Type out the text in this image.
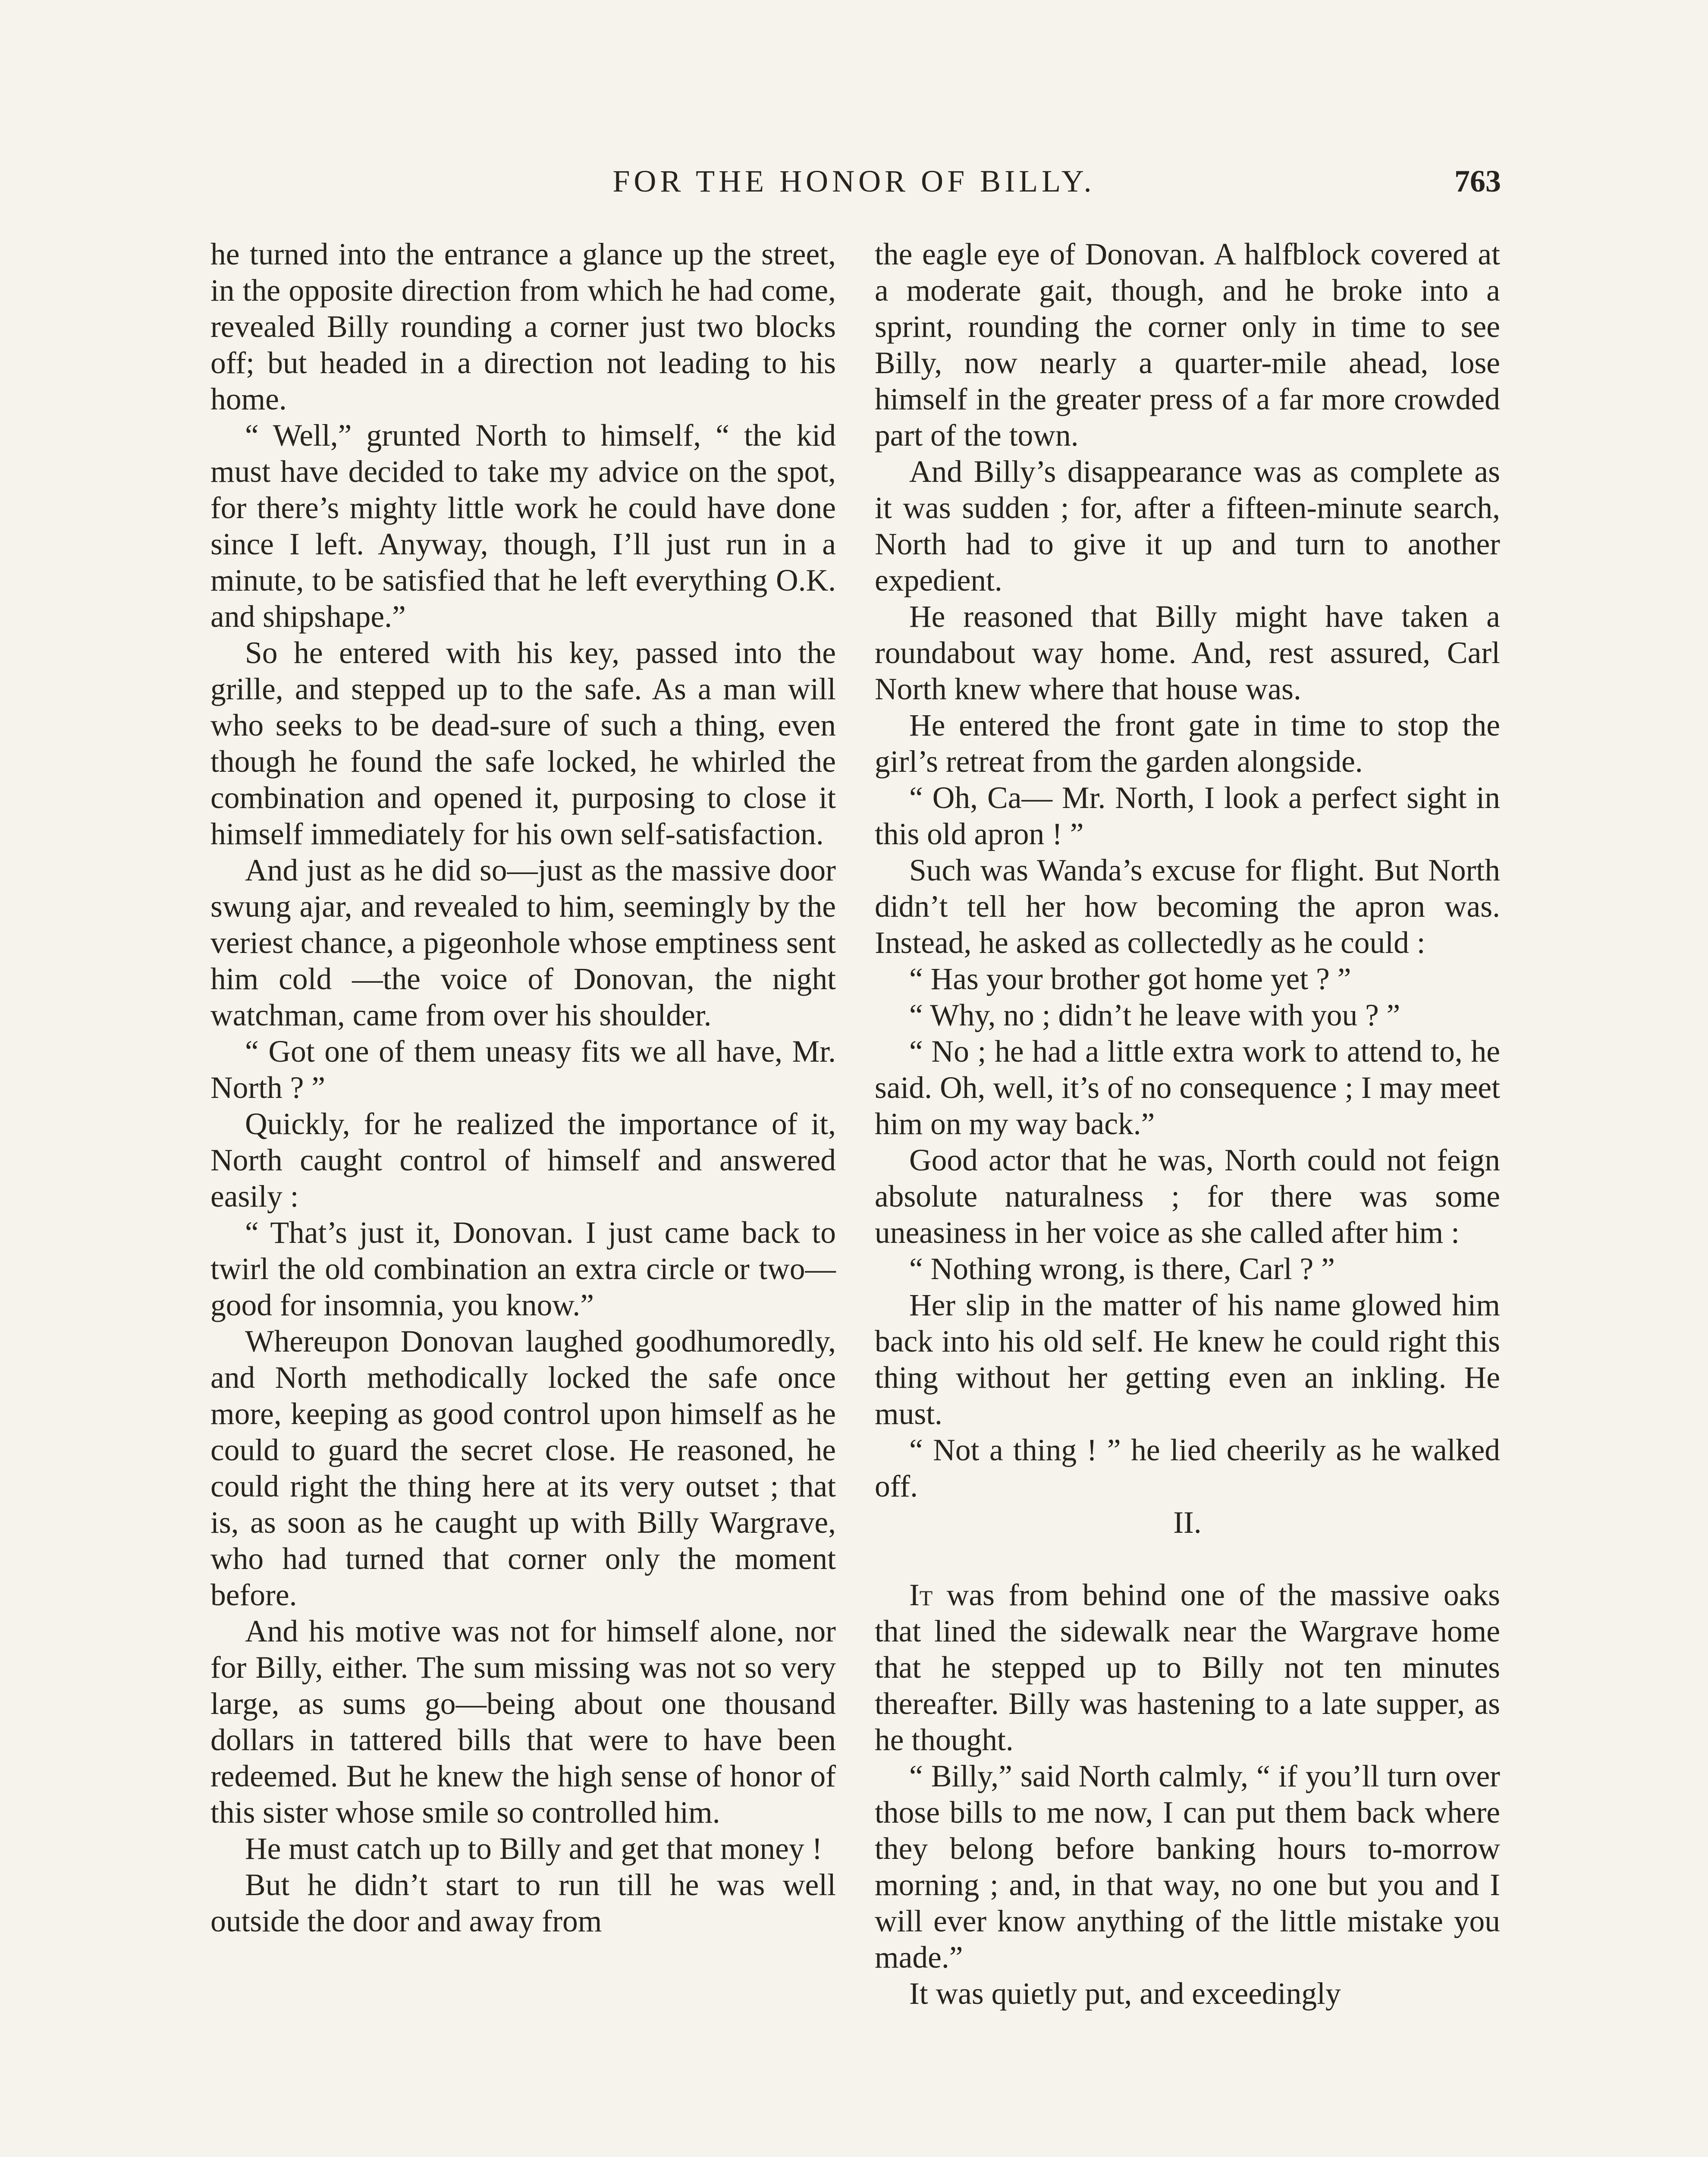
FOR THE HONOR OF BILLY.	763

he turned into the entrance a glance up the street, in the opposite direction from which he had come, revealed Billy rounding a corner just two blocks off; but headed in a direction not leading to his home.

“ Well,” grunted North to himself, “ the kid must have decided to take my advice on the spot, for there’s mighty little work he could have done since I left. Anyway, though, I’ll just run in a minute, to be satisfied that he left everything O.K. and shipshape.”

So he entered with his key, passed into the grille, and stepped up to the safe. As a man will who seeks to be dead-sure of such a thing, even though he found the safe locked, he whirled the combination and opened it, purposing to close it himself immediately for his own self-satisfaction.

And just as he did so—just as the massive door swung ajar, and revealed to him, seemingly by the veriest chance, a pigeonhole whose emptiness sent him cold —the voice of Donovan, the night watchman, came from over his shoulder.

“ Got one of them uneasy fits we all have, Mr. North ? ”

Quickly, for he realized the importance of it, North caught control of himself and answered easily :

“ That’s just it, Donovan. I just came back to twirl the old combination an extra circle or two—good for insomnia, you know.”

Whereupon Donovan laughed goodhumoredly, and North methodically locked the safe once more, keeping as good control upon himself as he could to guard the secret close. He reasoned, he could right the thing here at its very outset ; that is, as soon as he caught up with Billy Wargrave, who had turned that corner only the moment before.

And his motive was not for himself alone, nor for Billy, either. The sum missing was not so very large, as sums go—being about one thousand dollars in tattered bills that were to have been redeemed. But he knew the high sense of honor of this sister whose smile so controlled him.

He must catch up to Billy and get that money !

But he didn’t start to run till he was well outside the door and away from

the eagle eye of Donovan. A halfblock covered at a moderate gait, though, and he broke into a sprint, rounding the corner only in time to see Billy, now nearly a quarter-mile ahead, lose himself in the greater press of a far more crowded part of the town.

And Billy’s disappearance was as complete as it was sudden ; for, after a fifteen-minute search, North had to give it up and turn to another expedient.

He reasoned that Billy might have taken a roundabout way home. And, rest assured, Carl North knew where that house was.

He entered the front gate in time to stop the girl’s retreat from the garden alongside.

“ Oh, Ca— Mr. North, I look a perfect sight in this old apron ! ”

Such was Wanda’s excuse for flight. But North didn’t tell her how becoming the apron was. Instead, he asked as collectedly as he could :

“ Has your brother got home yet ? ”

“ Why, no ; didn’t he leave with you ? ”

“ No ; he had a little extra work to attend to, he said. Oh, well, it’s of no consequence ; I may meet him on my way back.”

Good actor that he was, North could not feign absolute naturalness ; for there was some uneasiness in her voice as she called after him :

“ Nothing wrong, is there, Carl ? ”

Her slip in the matter of his name glowed him back into his old self. He knew he could right this thing without her getting even an inkling. He must.

“ Not a thing ! ” he lied cheerily as he walked off.

II.

It was from behind one of the massive oaks that lined the sidewalk near the Wargrave home that he stepped up to Billy not ten minutes thereafter. Billy was hastening to a late supper, as he thought.

“ Billy,” said North calmly, “ if you’ll turn over those bills to me now, I can put them back where they belong before banking hours to-morrow morning ; and, in that way, no one but you and I will ever know anything of the little mistake you made.”

It was quietly put, and exceedingly
